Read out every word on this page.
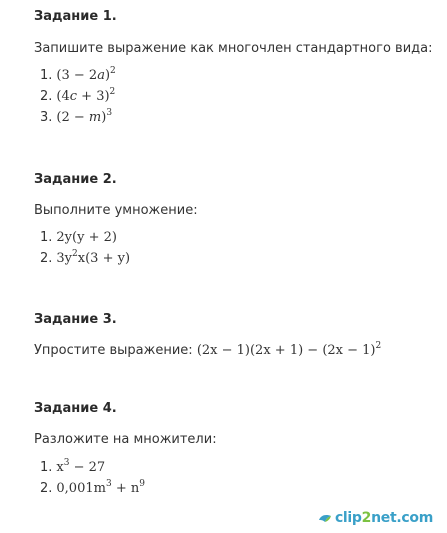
Задание 1.
Запишите выражение как многочлен стандартного вида:
1. $(3 - 2a)^2$
2. $(4c + 3)^2$
3. $(2 - m)^3$
Задание 2.
Выполните умножение:
1. 2y(y + 2)
2. $3y^2x(3 + y)$
Задание 3.
Упростите выражение: $(2x - 1)(2x + 1) - (2x - 1)^2$
Задание 4.
Разложите на множители:
1. $x^3 - 27$
2. $0,001m^3 + n^9$
clip 2 net.com
